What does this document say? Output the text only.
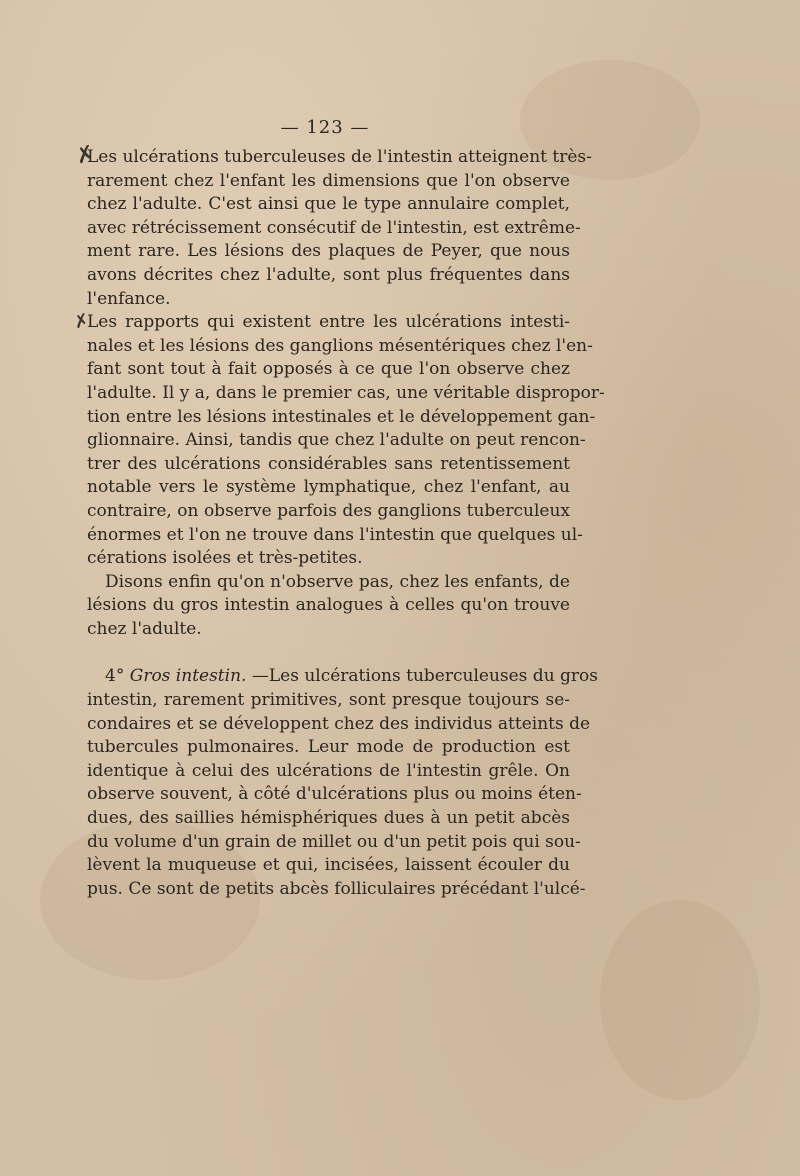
— 123 —
✗
✗

Les ulcérations tuberculeuses de l'intestin atteignent très-
rarement chez l'enfant les dimensions que l'on observe
chez l'adulte. C'est ainsi que le type annulaire complet,
avec rétrécissement consécutif de l'intestin, est extrême-
ment rare. Les lésions des plaques de Peyer, que nous
avons décrites chez l'adulte, sont plus fréquentes dans
l'enfance.

Les rapports qui existent entre les ulcérations intesti-
nales et les lésions des ganglions mésentériques chez l'en-
fant sont tout à fait opposés à ce que l'on observe chez
l'adulte. Il y a, dans le premier cas, une véritable dispropor-
tion entre les lésions intestinales et le développement gan-
glionnaire. Ainsi, tandis que chez l'adulte on peut rencon-
trer des ulcérations considérables sans retentissement
notable vers le système lymphatique, chez l'enfant, au
contraire, on observe parfois des ganglions tuberculeux
énormes et l'on ne trouve dans l'intestin que quelques ul-
cérations isolées et très-petites.

Disons enfin qu'on n'observe pas, chez les enfants, de
lésions du gros intestin analogues à celles qu'on trouve
chez l'adulte.

4° Gros intestin. —Les ulcérations tuberculeuses du gros
intestin, rarement primitives, sont presque toujours se-
condaires et se développent chez des individus atteints de
tubercules pulmonaires. Leur mode de production est
identique à celui des ulcérations de l'intestin grêle. On
observe souvent, à côté d'ulcérations plus ou moins éten-
dues, des saillies hémisphériques dues à un petit abcès
du volume d'un grain de millet ou d'un petit pois qui sou-
lèvent la muqueuse et qui, incisées, laissent écouler du
pus. Ce sont de petits abcès folliculaires précédant l'ulcé-
